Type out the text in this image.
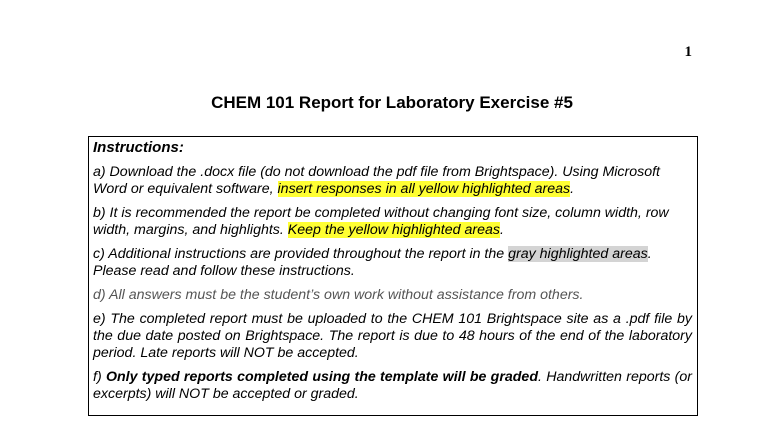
1
CHEM 101 Report for Laboratory Exercise #5
Instructions:
a) Download the .docx file (do not download the pdf file from Brightspace). Using Microsoft Word or equivalent software, insert responses in all yellow highlighted areas.
b) It is recommended the report be completed without changing font size, column width, row width, margins, and highlights. Keep the yellow highlighted areas.
c) Additional instructions are provided throughout the report in the gray highlighted areas. Please read and follow these instructions.
d) All answers must be the student’s own work without assistance from others.
e) The completed report must be uploaded to the CHEM 101 Brightspace site as a .pdf file by the due date posted on Brightspace. The report is due to 48 hours of the end of the laboratory period. Late reports will NOT be accepted.
f) Only typed reports completed using the template will be graded. Handwritten reports (or excerpts) will NOT be accepted or graded.
